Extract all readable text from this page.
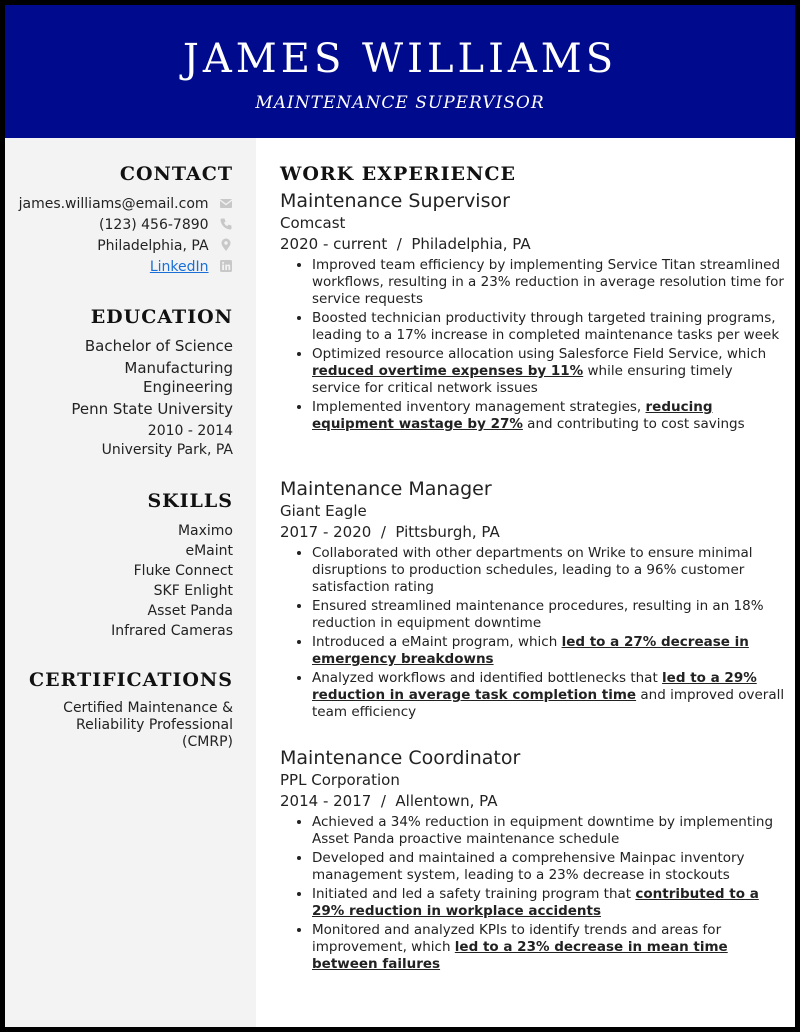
JAMES WILLIAMS
MAINTENANCE SUPERVISOR
CONTACT
james.williams@email.com
(123) 456-7890
Philadelphia, PA
LinkedIn
EDUCATION
Bachelor of Science
Manufacturing Engineering
Penn State University
2010 - 2014
University Park, PA
SKILLS
Maximo
eMaint
Fluke Connect
SKF Enlight
Asset Panda
Infrared Cameras
CERTIFICATIONS
Certified Maintenance & Reliability Professional (CMRP)
WORK EXPERIENCE
Maintenance Supervisor
Comcast
2020 - current  /  Philadelphia, PA
• Improved team efficiency by implementing Service Titan streamlined workflows, resulting in a 23% reduction in average resolution time for service requests
• Boosted technician productivity through targeted training programs, leading to a 17% increase in completed maintenance tasks per week
• Optimized resource allocation using Salesforce Field Service, which reduced overtime expenses by 11% while ensuring timely service for critical network issues
• Implemented inventory management strategies, reducing equipment wastage by 27% and contributing to cost savings
Maintenance Manager
Giant Eagle
2017 - 2020  /  Pittsburgh, PA
• Collaborated with other departments on Wrike to ensure minimal disruptions to production schedules, leading to a 96% customer satisfaction rating
• Ensured streamlined maintenance procedures, resulting in an 18% reduction in equipment downtime
• Introduced a eMaint program, which led to a 27% decrease in emergency breakdowns
• Analyzed workflows and identified bottlenecks that led to a 29% reduction in average task completion time and improved overall team efficiency
Maintenance Coordinator
PPL Corporation
2014 - 2017  /  Allentown, PA
• Achieved a 34% reduction in equipment downtime by implementing Asset Panda proactive maintenance schedule
• Developed and maintained a comprehensive Mainpac inventory management system, leading to a 23% decrease in stockouts
• Initiated and led a safety training program that contributed to a 29% reduction in workplace accidents
• Monitored and analyzed KPIs to identify trends and areas for improvement, which led to a 23% decrease in mean time between failures
